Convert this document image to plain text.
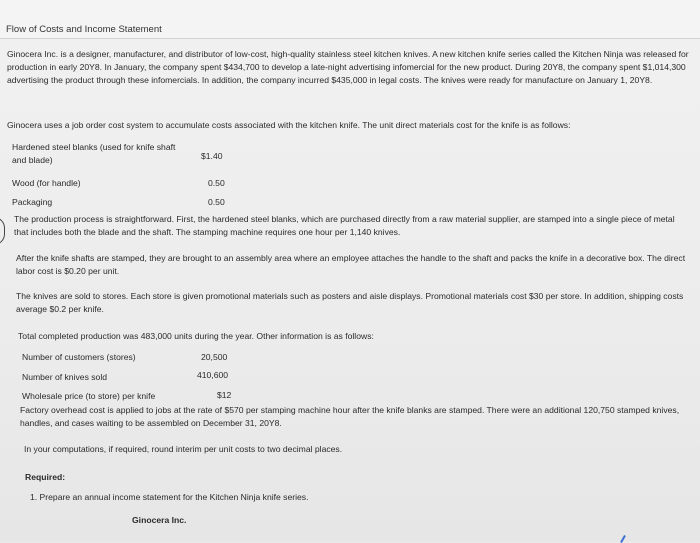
Flow of Costs and Income Statement
Ginocera Inc. is a designer, manufacturer, and distributor of low-cost, high-quality stainless steel kitchen knives. A new kitchen knife series called the Kitchen Ninja was released for production in early 20Y8. In January, the company spent $434,700 to develop a late-night advertising infomercial for the new product. During 20Y8, the company spent $1,014,300 advertising the product through these infomercials. In addition, the company incurred $435,000 in legal costs. The knives were ready for manufacture on January 1, 20Y8.
Ginocera uses a job order cost system to accumulate costs associated with the kitchen knife. The unit direct materials cost for the knife is as follows:
Hardened steel blanks (used for knife shaft and blade)	$1.40
Wood (for handle)	0.50
Packaging	0.50
The production process is straightforward. First, the hardened steel blanks, which are purchased directly from a raw material supplier, are stamped into a single piece of metal that includes both the blade and the shaft. The stamping machine requires one hour per 1,140 knives.
After the knife shafts are stamped, they are brought to an assembly area where an employee attaches the handle to the shaft and packs the knife in a decorative box. The direct labor cost is $0.20 per unit.
The knives are sold to stores. Each store is given promotional materials such as posters and aisle displays. Promotional materials cost $30 per store. In addition, shipping costs average $0.2 per knife.
Total completed production was 483,000 units during the year. Other information is as follows:
Number of customers (stores)	20,500
Number of knives sold	410,600
Wholesale price (to store) per knife	$12
Factory overhead cost is applied to jobs at the rate of $570 per stamping machine hour after the knife blanks are stamped. There were an additional 120,750 stamped knives, handles, and cases waiting to be assembled on December 31, 20Y8.
In your computations, if required, round interim per unit costs to two decimal places.
Required:
1. Prepare an annual income statement for the Kitchen Ninja knife series.
Ginocera Inc.
